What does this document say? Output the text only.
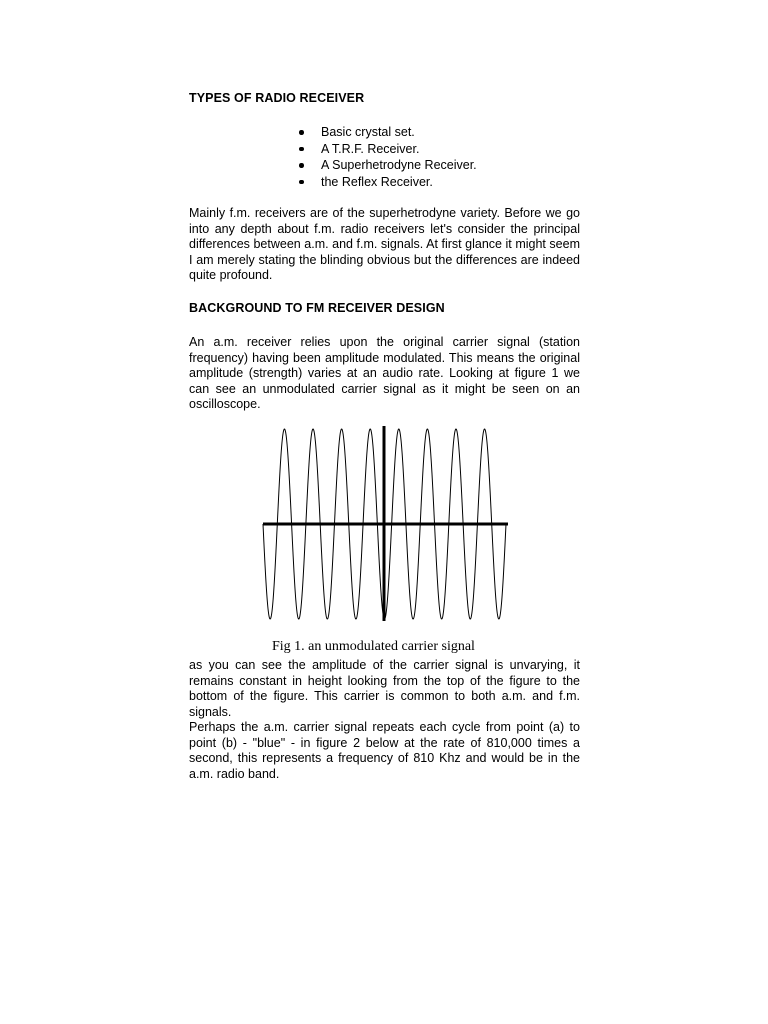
TYPES OF RADIO RECEIVER
Basic crystal set.
A T.R.F. Receiver.
A Superhetrodyne Receiver.
the Reflex Receiver.
Mainly f.m. receivers are of the superhetrodyne variety. Before we go into any depth about f.m. radio receivers let's consider the principal differences between a.m. and f.m. signals. At first glance it might seem I am merely stating the blinding obvious but the differences are indeed quite profound.
BACKGROUND TO FM RECEIVER DESIGN
An a.m. receiver relies upon the original carrier signal (station frequency) having been amplitude modulated. This means the original amplitude (strength) varies at an audio rate. Looking at figure 1 we can see an unmodulated carrier signal as it might be seen on an oscilloscope.
Fig 1. an unmodulated carrier signal
as you can see the amplitude of the carrier signal is unvarying, it remains constant in height looking from the top of the figure to the bottom of the figure. This carrier is common to both a.m. and f.m. signals.
Perhaps the a.m. carrier signal repeats each cycle from point (a) to point (b) - "blue" - in figure 2 below at the rate of 810,000 times a second, this represents a frequency of 810 Khz and would be in the a.m. radio band.
